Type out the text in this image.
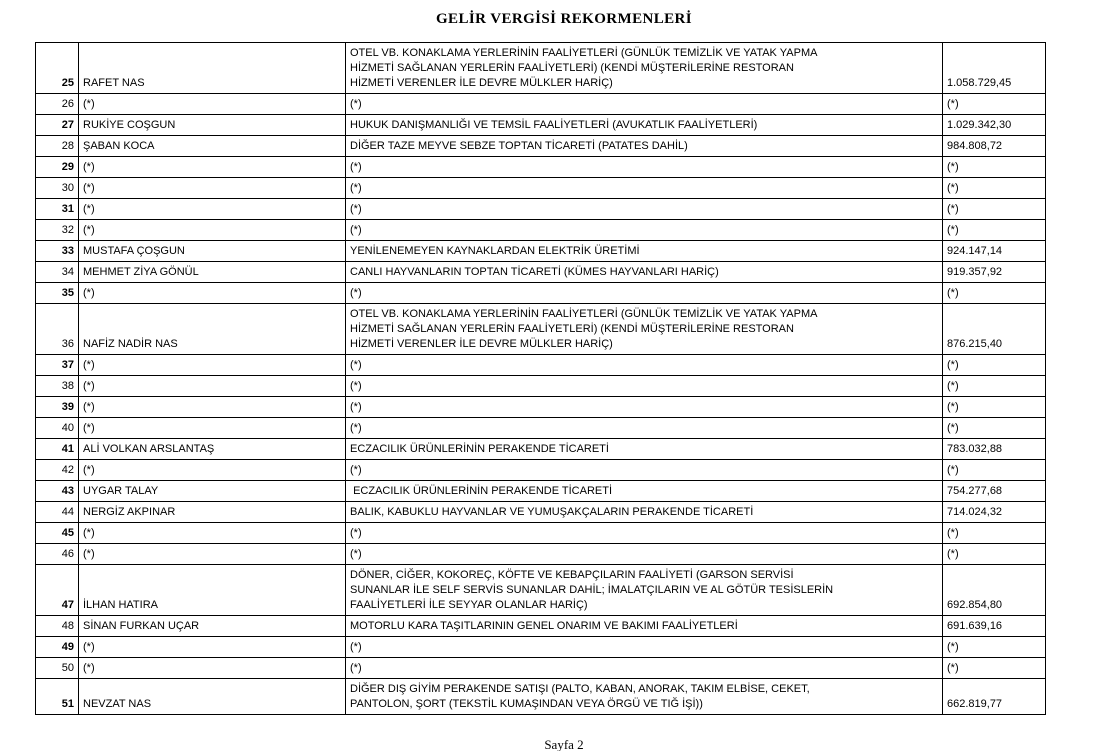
GELİR VERGİSİ REKORMENLERİ
25	RAFET NAS	OTEL VB. KONAKLAMA YERLERİNİN FAALİYETLERİ (GÜNLÜK TEMİZLİK VE YATAK YAPMA
HİZMETİ SAĞLANAN YERLERİN FAALİYETLERİ) (KENDİ MÜŞTERİLERİNE RESTORAN
HİZMETİ VERENLER İLE DEVRE MÜLKLER HARİÇ)	1.058.729,45
26	(*)	(*)	(*)
27	RUKİYE COŞGUN	HUKUK DANIŞMANLIĞI VE TEMSİL FAALİYETLERİ (AVUKATLIK FAALİYETLERİ)	1.029.342,30
28	ŞABAN KOCA	DİĞER TAZE MEYVE SEBZE TOPTAN TİCARETİ (PATATES DAHİL)	984.808,72
29	(*)	(*)	(*)
30	(*)	(*)	(*)
31	(*)	(*)	(*)
32	(*)	(*)	(*)
33	MUSTAFA ÇOŞGUN	YENİLENEMEYEN KAYNAKLARDAN ELEKTRİK ÜRETİMİ	924.147,14
34	MEHMET ZİYA GÖNÜL	CANLI HAYVANLARIN TOPTAN TİCARETİ (KÜMES HAYVANLARI HARİÇ)	919.357,92
35	(*)	(*)	(*)
36	NAFİZ NADİR NAS	OTEL VB. KONAKLAMA YERLERİNİN FAALİYETLERİ (GÜNLÜK TEMİZLİK VE YATAK YAPMA
HİZMETİ SAĞLANAN YERLERİN FAALİYETLERİ) (KENDİ MÜŞTERİLERİNE RESTORAN
HİZMETİ VERENLER İLE DEVRE MÜLKLER HARİÇ)	876.215,40
37	(*)	(*)	(*)
38	(*)	(*)	(*)
39	(*)	(*)	(*)
40	(*)	(*)	(*)
41	ALİ VOLKAN ARSLANTAŞ	ECZACILIK ÜRÜNLERİNİN PERAKENDE TİCARETİ	783.032,88
42	(*)	(*)	(*)
43	UYGAR TALAY	ECZACILIK ÜRÜNLERİNİN PERAKENDE TİCARETİ	754.277,68
44	NERGİZ AKPINAR	BALIK, KABUKLU HAYVANLAR VE YUMUŞAKÇALARIN PERAKENDE TİCARETİ	714.024,32
45	(*)	(*)	(*)
46	(*)	(*)	(*)
47	İLHAN HATIRA	DÖNER, CİĞER, KOKOREÇ, KÖFTE VE KEBAPÇILARIN FAALİYETİ (GARSON SERVİSİ
SUNANLAR İLE SELF SERVİS SUNANLAR DAHİL; İMALATÇILARIN VE AL GÖTÜR TESİSLERİN
FAALİYETLERİ İLE SEYYAR OLANLAR HARİÇ)	692.854,80
48	SİNAN FURKAN UÇAR	MOTORLU KARA TAŞITLARININ GENEL ONARIM VE BAKIMI FAALİYETLERİ	691.639,16
49	(*)	(*)	(*)
50	(*)	(*)	(*)
51	NEVZAT NAS	DİĞER DIŞ GİYİM PERAKENDE SATIŞI (PALTO, KABAN, ANORAK, TAKIM ELBİSE, CEKET,
PANTOLON, ŞORT (TEKSTİL KUMAŞINDAN VEYA ÖRGÜ VE TIĞ İŞİ))	662.819,77
Sayfa 2
